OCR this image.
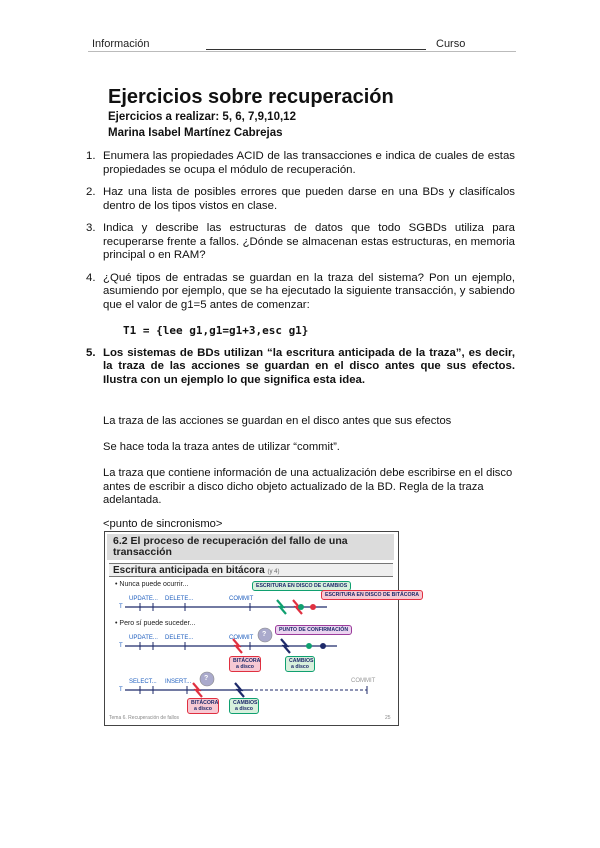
Información	Curso
Ejercicios sobre recuperación
Ejercicios a realizar: 5, 6, 7,9,10,12
Marina Isabel Martínez Cabrejas
1. Enumera las propiedades ACID de las transacciones e indica de cuales de estas propiedades se ocupa el módulo de recuperación.
2. Haz una lista de posibles errores que pueden darse en una BDs y clasifícalos dentro de los tipos vistos en clase.
3. Indica y describe las estructuras de datos que todo SGBDs utiliza para recuperarse frente a fallos. ¿Dónde se almacenan estas estructuras, en memoria principal o en RAM?
4. ¿Qué tipos de entradas se guardan en la traza del sistema? Pon un ejemplo, asumiendo por ejemplo, que se ha ejecutado la siguiente transacción, y sabiendo que el valor de g1=5 antes de comenzar:
T1 = {lee g1,g1=g1+3,esc g1}
5. Los sistemas de BDs utilizan “la escritura anticipada de la traza”, es decir, la traza de las acciones se guardan en el disco antes que sus efectos. Ilustra con un ejemplo lo que significa esta idea.
La traza de las acciones se guardan en el disco antes que sus efectos
Se hace toda la traza antes de utilizar “commit”.
La traza que contiene información de una actualización debe escribirse en el disco antes de escribir a disco dicho objeto actualizado de la BD. Regla de la traza adelantada.
<punto de sincronismo>
6.2 El proceso de recuperación del fallo de una transacción
Escritura anticipada en bitácora (y 4)
• Nunca puede ocurrir...
UPDATE... DELETE...	COMMIT
T
ESCRITURA EN DISCO DE CAMBIOS
ESCRITURA EN DISCO DE BITÁCORA
• Pero sí puede suceder...
UPDATE... DELETE...	COMMIT
T
?
PUNTO DE CONFIRMACIÓN
BITÁCORA a disco
CAMBIOS a disco
SELECT... INSERT...	COMMIT
T
?
BITÁCORA a disco
CAMBIOS a disco
Tema 6. Recuperación de fallos	25
